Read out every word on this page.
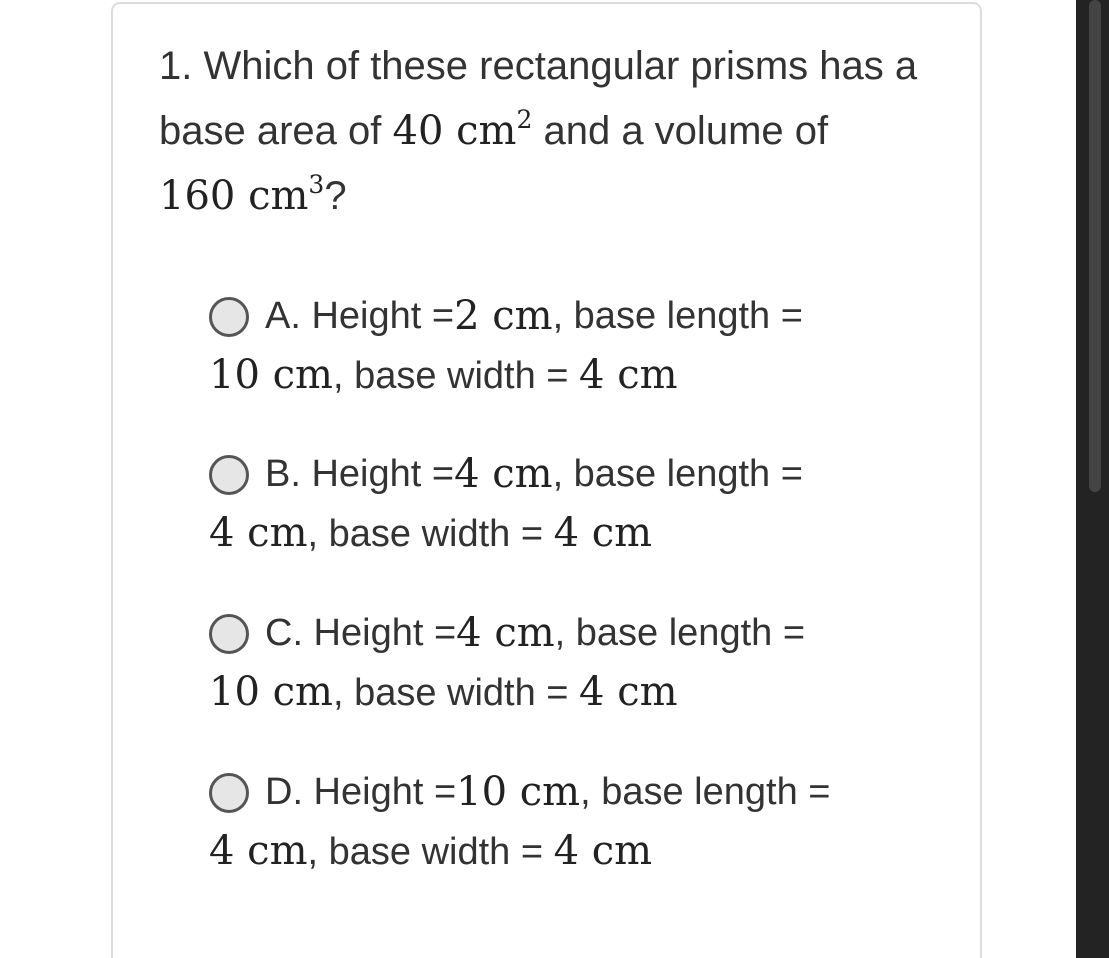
1. Which of these rectangular prisms has a base area of 40 $cm^2$ and a volume of
160 $cm^3$?

A. Height = 2 cm , base length =
10 cm, base width = 4 cm
B. Height = 4 cm , base length =
4 cm, base width = 4 cm
C. Height = 4 cm , base length =
10 cm, base width = 4 cm
D. Height = 10 cm , base length =
4 cm, base width = 4 cm
